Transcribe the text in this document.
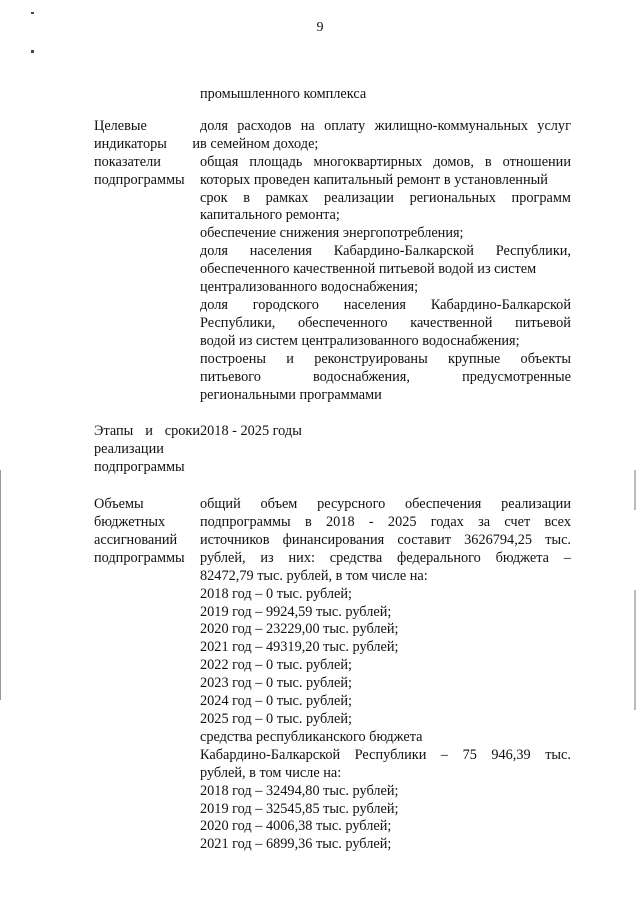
9
промышленного комплекса
Целевые
индикаторы и
показатели
подпрограммы
доля расходов на оплату жилищно-коммунальных услуг
в семейном доходе;
общая площадь многоквартирных домов, в отношении
которых проведен капитальный ремонт в установленный
срок в рамках реализации региональных программ
капитального ремонта;
обеспечение снижения энергопотребления;
доля населения Кабардино-Балкарской Республики,
обеспеченного качественной питьевой водой из систем
централизованного водоснабжения;
доля городского населения Кабардино-Балкарской
Республики, обеспеченного качественной питьевой
водой из систем централизованного водоснабжения;
построены и реконструированы крупные объекты
питьевого	водоснабжения,	предусмотренные
региональными программами
Этапы и сроки
реализации
подпрограммы
2018 - 2025 годы
Объемы
бюджетных
ассигнований
подпрограммы
общий объем ресурсного обеспечения реализации
подпрограммы в 2018 - 2025 годах за счет всех
источников финансирования составит 3626794,25 тыс.
рублей, из них: средства федерального бюджета –
82472,79 тыс. рублей, в том числе на:
2018 год – 0 тыс. рублей;
2019 год – 9924,59 тыс. рублей;
2020 год – 23229,00 тыс. рублей;
2021 год – 49319,20 тыс. рублей;
2022 год – 0 тыс. рублей;
2023 год – 0 тыс. рублей;
2024 год – 0 тыс. рублей;
2025 год – 0 тыс. рублей;
средства республиканского бюджета
Кабардино-Балкарской Республики – 75 946,39 тыс.
рублей, в том числе на:
2018 год – 32494,80 тыс. рублей;
2019 год – 32545,85 тыс. рублей;
2020 год – 4006,38 тыс. рублей;
2021 год – 6899,36 тыс. рублей;
